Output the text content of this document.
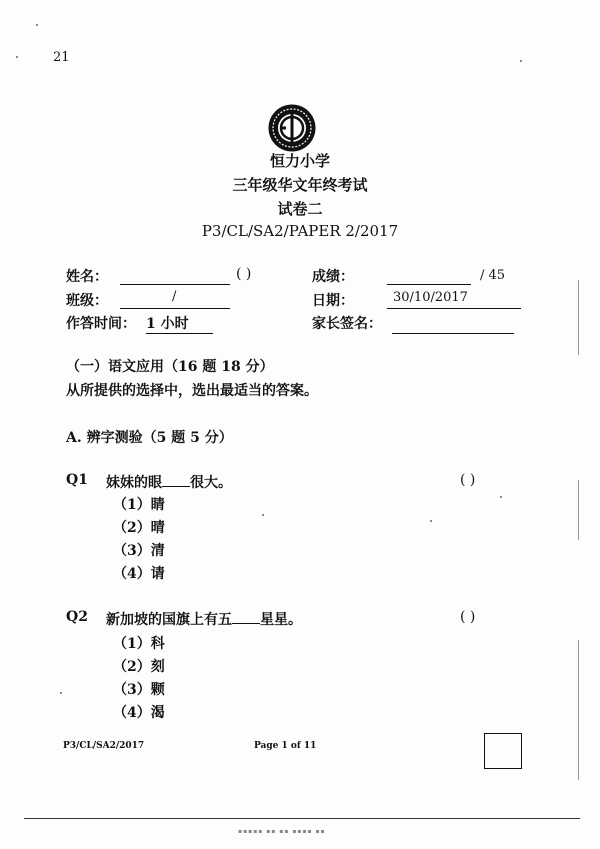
21
恒力小学
三年级华文年终考试
试卷二
P3/CL/SA2/PAPER 2/2017
姓名：	( )
班级：	/
作答时间： 1 小时
成绩：	/ 45
日期：	30/10/2017
家长签名：
（一）语文应用（16 题 18 分）
从所提供的选择中，选出最适当的答案。
A. 辨字测验（5 题 5 分）
Q1 妹妹的眼 很大。	( )
（1）睛
（2）晴
（3）清
（4）请
Q2 新加坡的国旗上有五 星星。	( )
（1）科
（2）刻
（3）颗
（4）渴
P3/CL/SA2/2017	Page 1 of 11
▪▪▪▪▪ ▪▪ ▪▪ ▪▪▪▪ ▪▪
